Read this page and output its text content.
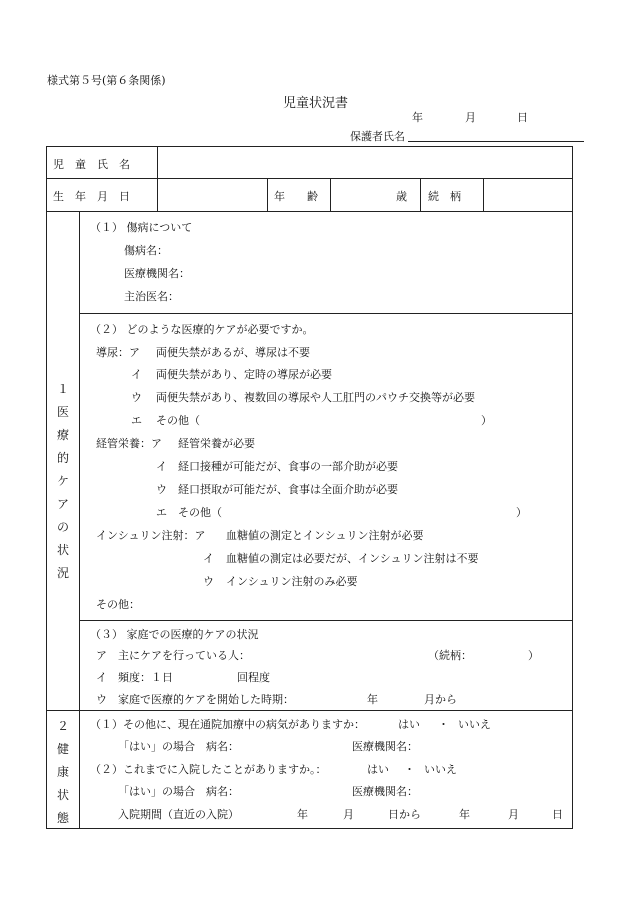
様式第５号(第６条関係)
児童状況書
年	月	日
保護者氏名
児　童　氏　名
生　年　月　日	年　　齢	歳 続　柄
１
医
療
的
ケ
ア
の
状
況
（１） 傷病について
傷病名：
医療機関名：
主治医名：
（２） どのような医療的ケアが必要ですか。
導尿：ア 両便失禁があるが、導尿は不要
イ 両便失禁があり、定時の導尿が必要
ウ 両便失禁があり、複数回の導尿や人工肛門のパウチ交換等が必要
エ その他（	）
経管栄養：ア 経管栄養が必要
イ 経口接種が可能だが、食事の一部介助が必要
ウ 経口摂取が可能だが、食事は全面介助が必要
エ その他（	）
インシュリン注射：ア 血糖値の測定とインシュリン注射が必要
イ 血糖値の測定は必要だが、インシュリン注射は不要
ウ インシュリン注射のみ必要
その他：
（３） 家庭での医療的ケアの状況
ア　主にケアを行っている人：	（続柄：	）
イ　頻度：１日	回程度
ウ　家庭で医療的ケアを開始した時期：	年	月から
２
健
康
状
態
（１）その他に、現在通院加療中の病気がありますか：	はい ・ いいえ
「はい」の場合　病名：	医療機関名：
（２）これまでに入院したことがありますか。：	はい ・ いいえ
「はい」の場合　病名：	医療機関名：
入院期間（直近の入院）	年	月	日から	年	月	日
